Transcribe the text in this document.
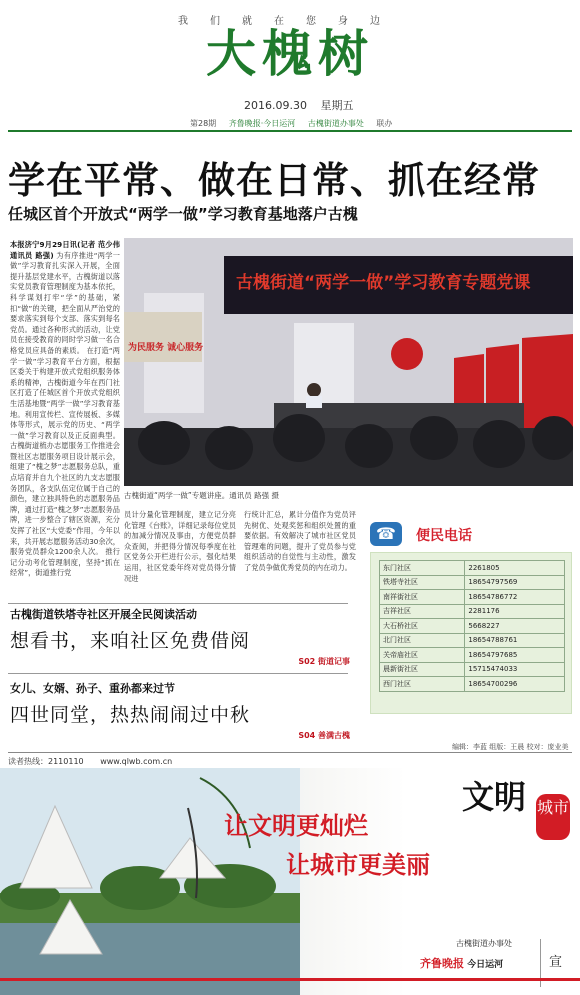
我们就在您身边
大槐树
2016.09.30 星期五
第28期 齐鲁晚报·今日运河 古槐街道办事处 联办
学在平常、做在日常、抓在经常
任城区首个开放式“两学一做”学习教育基地落户古槐
本报济宁9月29日讯(记者 范少伟 通讯员 路强) 为有序推进“两学一做”学习教育扎实深入开展，全面提升基层党建水平，古槐街道以落实党员教育管理制度为基本依托，科学谋划打牢“学”的基础，紧扣“做”的关键，把全面从严治党的要求落实到每个支部、落实到每名党员。通过各种形式的活动，让党员在接受教育的同时学习做一名合格党员应具备的素质。 在打造“两学一做”学习教育平台方面，根据区委关于构建开放式党组织服务体系的精神，古槐街道今年在西门社区打造了任城区首个开放式党组织生活基地暨“两学一做”学习教育基地。利用宣传栏、宣传展板、多媒体等形式，展示党的历史、“两学一做”学习教育以及正反面典型。 古槐街道梳办志愿服务工作推进会暨社区志愿服务项目设计展示会，组建了“槐之梦”志愿服务总队，重点培育并自九个社区的九支志愿服务团队，各支队伍定位属于自己的颜色，建立独具特色的志愿服务品牌，通过打造“槐之梦”志愿服务品牌，进一步整合了辖区资源，充分发挥了社区“大党委”作用，今年以来，共开展志愿服务活动30余次，服务党员群众1200余人次。 推行记分动考化管理制度，坚持“抓在经常”，街道推行党
古槐街道“两学一做”学习教育专题党课
为民服务 诚心服务
古槐街道“两学一做”专题讲座。通讯员 路强 摄
员计分量化管理制度，建立记分亮化管理《台账》，详细记录每位党员的加减分情况及事由，方便党员群众查阅，并把得分情况每季度在社区党务公开栏进行公示，强化结果运用，社区党委年终对党员得分情况进
行统计汇总，累计分值作为党员评先树优、处观奖惩和组织处置的重要依据。有效解决了城市社区党员管理难的问题，提升了党员参与党组织活动的自觉性与主动性，激发了党员争做优秀党员的内在动力。
☎	便民电话
东门社区	2261805
铁塔寺社区	18654797569
南祥街社区	18654786772
吉祥社区	2281176
大石桥社区	5668227
北门社区	18654788761
关帝庙社区	18654797685
晨新街社区	15715474033
西门社区	18654700296
古槐街道铁塔寺社区开展全民阅读活动
想看书，来咱社区免费借阅
S02 街道记事
女儿、女婿、孙子、重孙都来过节
四世同堂，热热闹闹过中秋
S04 善满古槐
编辑：李蓝 组版：王晨 校对：庞业美
读者热线：2110110 www.qlwb.com.cn
让文明更灿烂
让城市更美丽
文明 城市
古槐街道办事处
齐鲁晚报 今日运河	宣
